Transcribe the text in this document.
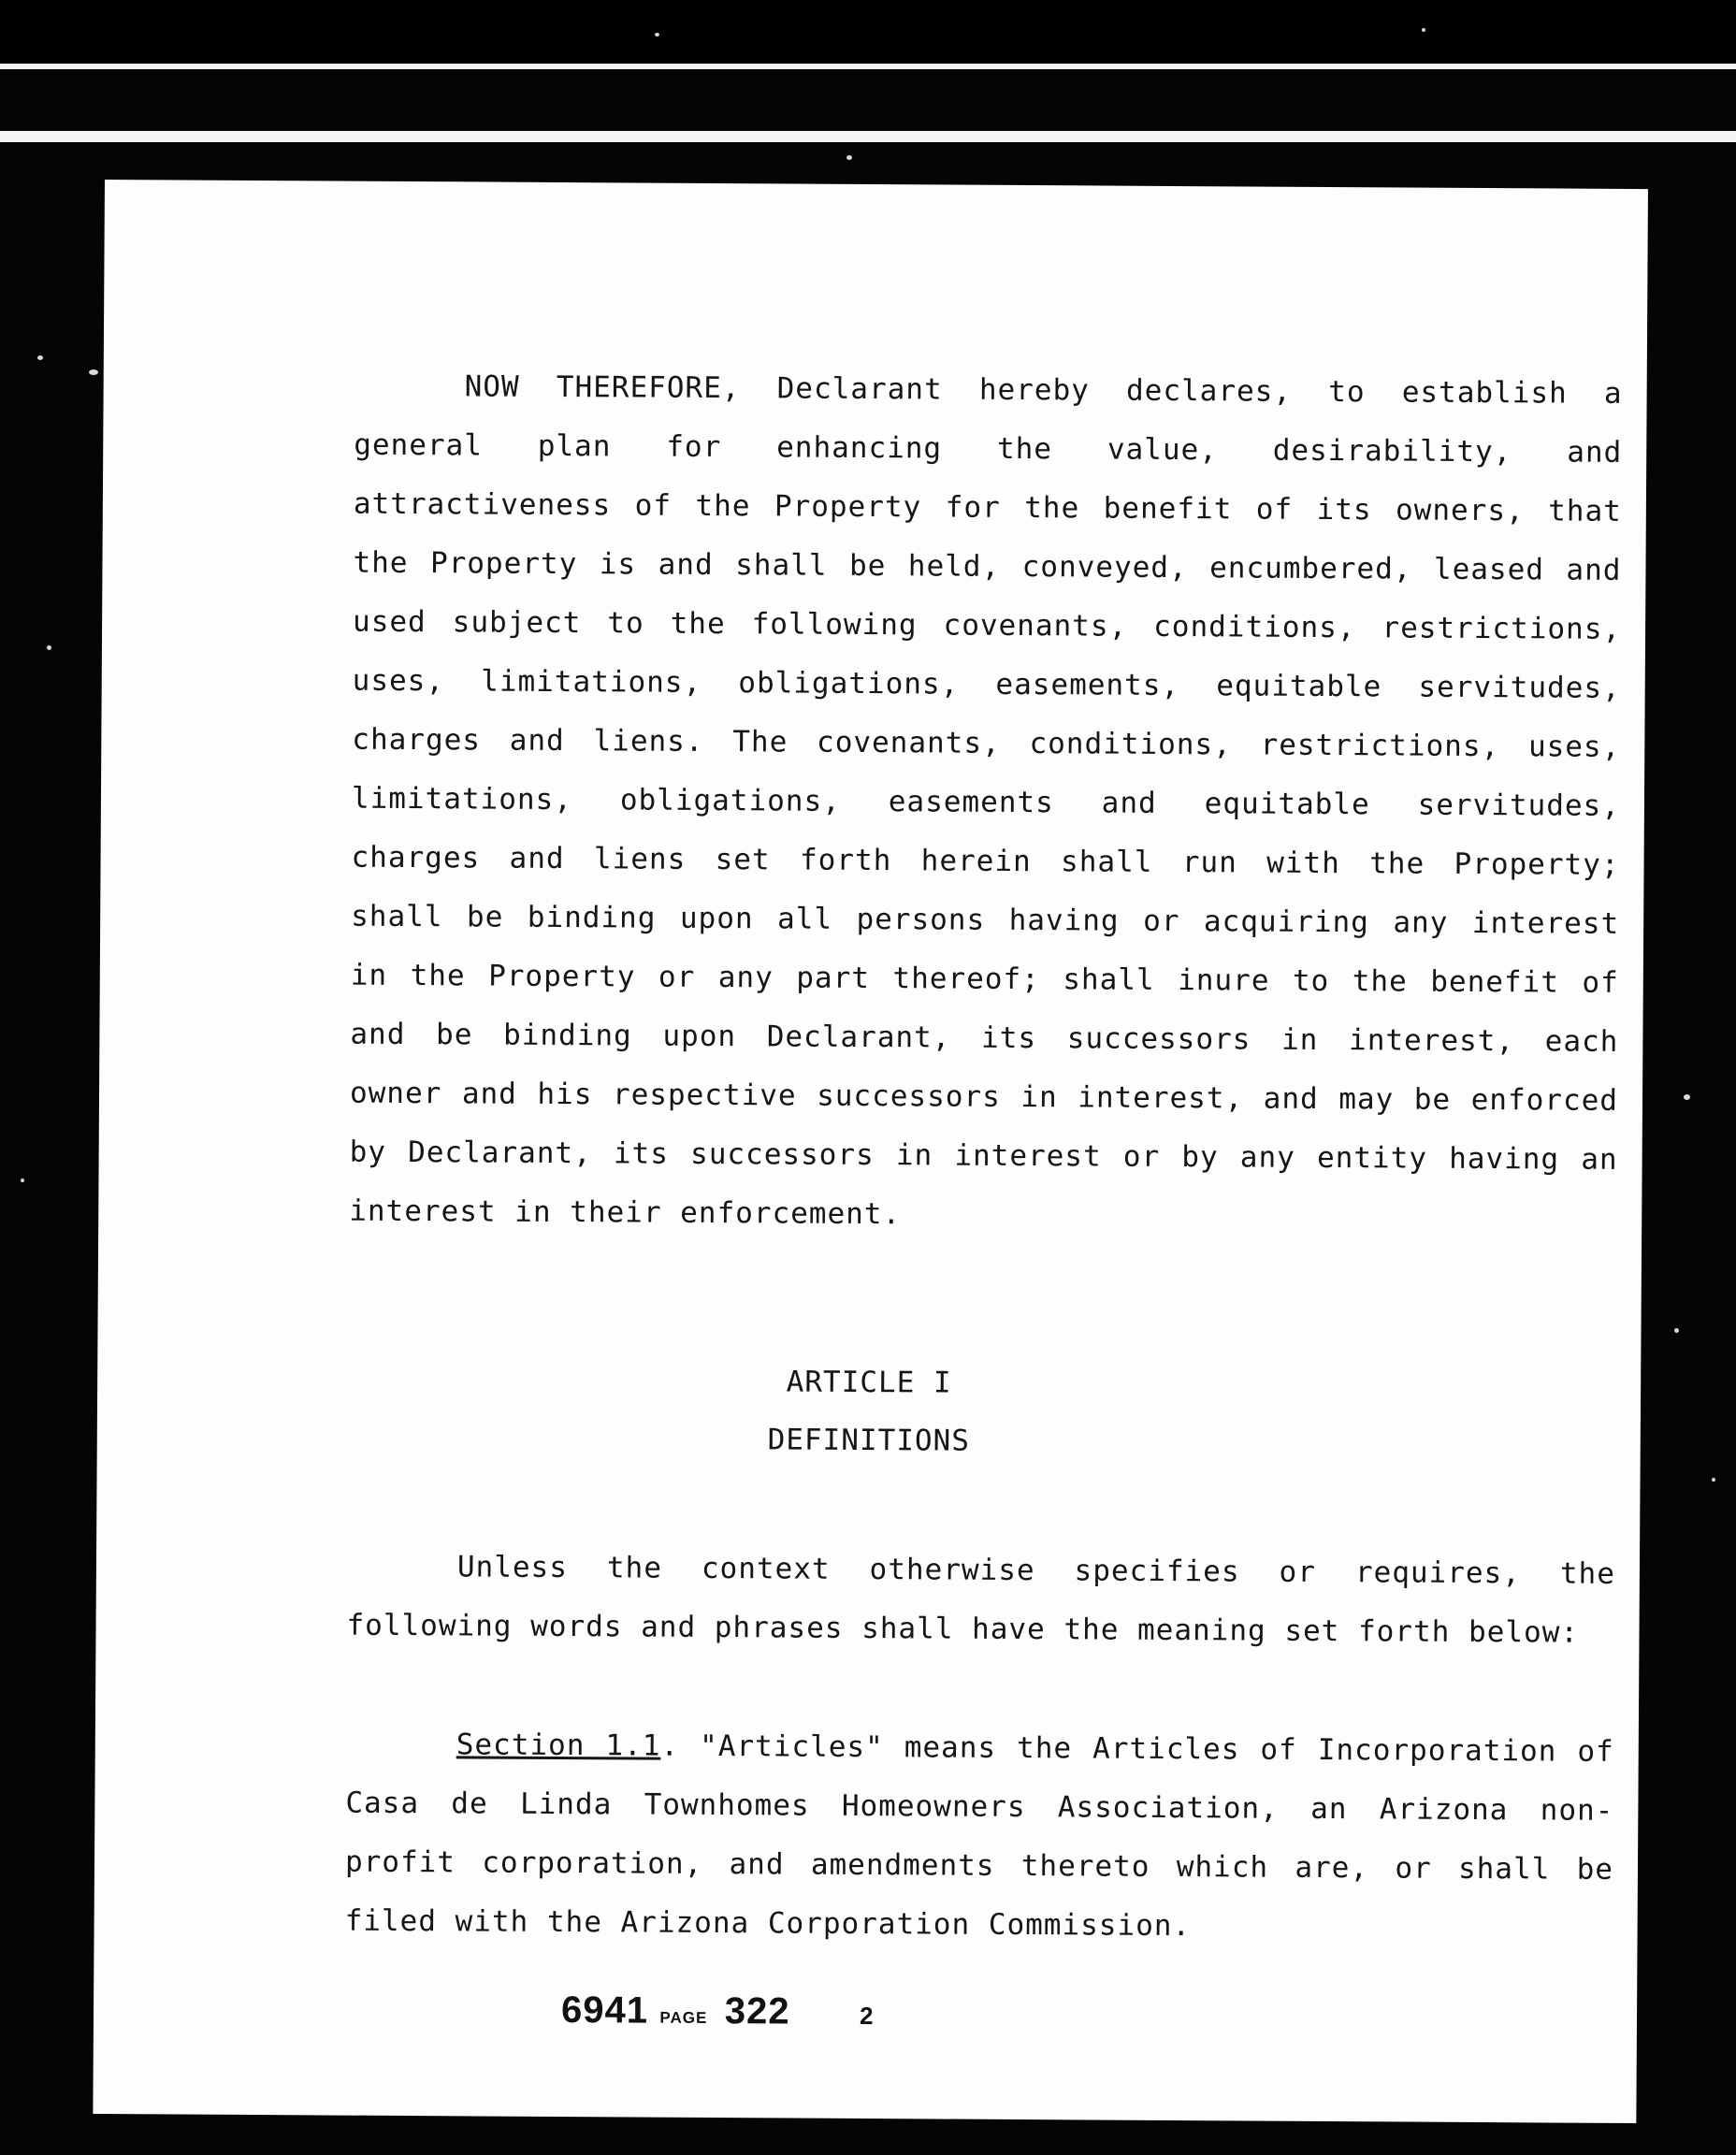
NOW THEREFORE, Declarant hereby declares, to establish a general plan for enhancing the value, desirability, and attractiveness of the Property for the benefit of its owners, that the Property is and shall be held, conveyed, encumbered, leased and used subject to the following covenants, conditions, restrictions, uses, limitations, obligations, easements, equitable servitudes, charges and liens. The covenants, conditions, restrictions, uses, limitations, obligations, easements and equitable servitudes, charges and liens set forth herein shall run with the Property; shall be binding upon all persons having or acquiring any interest in the Property or any part thereof; shall inure to the benefit of and be binding upon Declarant, its successors in interest, each owner and his respective successors in interest, and may be enforced by Declarant, its successors in interest or by any entity having an interest in their enforcement.

ARTICLE I

DEFINITIONS

Unless the context otherwise specifies or requires, the following words and phrases shall have the meaning set forth below:

Section 1.1. "Articles" means the Articles of Incorporation of Casa de Linda Townhomes Homeowners Association, an Arizona non-profit corporation, and amendments thereto which are, or shall be filed with the Arizona Corporation Commission.

6941 PAGE 322	2
